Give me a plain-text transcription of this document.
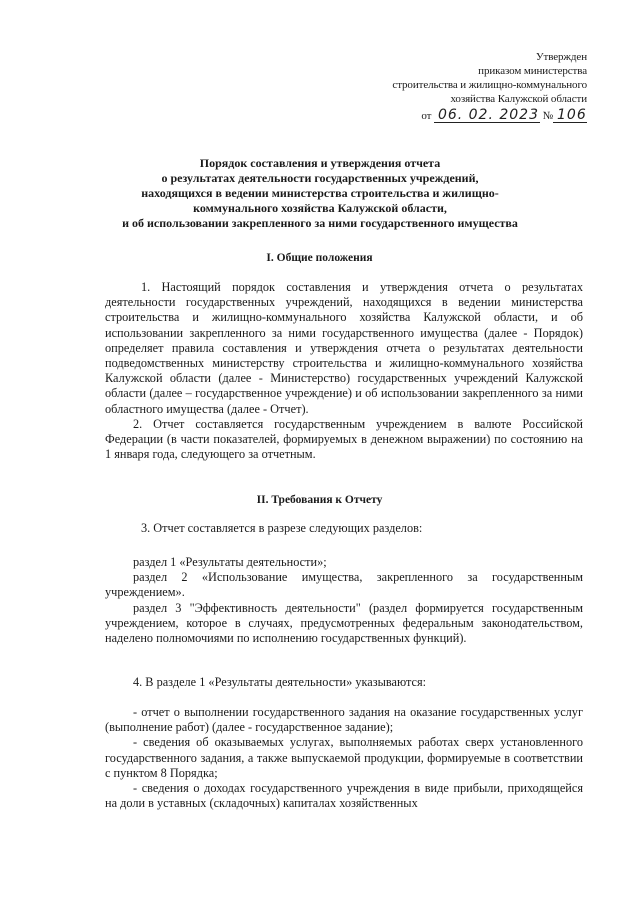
Утвержден
приказом министерства
строительства и жилищно-коммунального
хозяйства Калужской области
от 06. 02. 2023 № 106
Порядок составления и утверждения отчета
о результатах деятельности государственных учреждений,
находящихся в ведении министерства строительства и жилищно-
коммунального хозяйства Калужской области,
и об использовании закрепленного за ними государственного имущества
I. Общие положения

1. Настоящий порядок составления и утверждения отчета о результатах деятельности государственных учреждений, находящихся в ведении министерства строительства и жилищно-коммунального хозяйства Калужской области, и об использовании закрепленного за ними государственного имущества (далее - Порядок) определяет правила составления и утверждения отчета о результатах деятельности подведомственных министерству строительства и жилищно-коммунального хозяйства Калужской области (далее - Министерство) государственных учреждений Калужской области (далее – государственное учреждение) и об использовании закрепленного за ними областного имущества (далее - Отчет).

2. Отчет составляется государственным учреждением в валюте Российской Федерации (в части показателей, формируемых в денежном выражении) по состоянию на 1 января года, следующего за отчетным.

II. Требования к Отчету

3. Отчет составляется в разрезе следующих разделов:

раздел 1 «Результаты деятельности»;

раздел 2 «Использование имущества, закрепленного за государственным учреждением».

раздел 3 "Эффективность деятельности" (раздел формируется государственным учреждением, которое в случаях, предусмотренных федеральным законодательством, наделено полномочиями по исполнению государственных функций).

4. В разделе 1 «Результаты деятельности» указываются:

- отчет о выполнении государственного задания на оказание государственных услуг (выполнение работ) (далее - государственное задание);

- сведения об оказываемых услугах, выполняемых работах сверх установленного государственного задания, а также выпускаемой продукции, формируемые в соответствии с пунктом 8 Порядка;

- сведения о доходах государственного учреждения в виде прибыли, приходящейся на доли в уставных (складочных) капиталах хозяйственных
